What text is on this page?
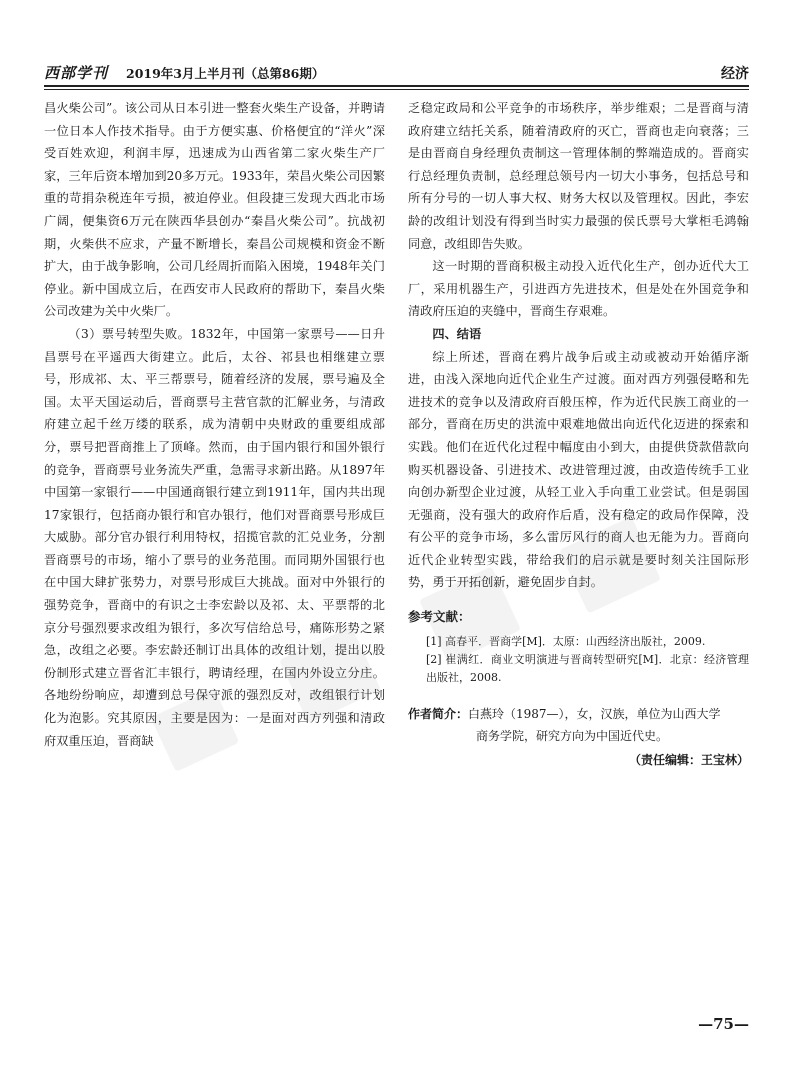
西部学刊 2019年3月上半月刊（总第86期）	经济

昌火柴公司”。该公司从日本引进一整套火柴生产设备，并聘请一位日本人作技术指导。由于方便实惠、价格便宜的“洋火”深受百姓欢迎，利润丰厚，迅速成为山西省第二家火柴生产厂家，三年后资本增加到20多万元。1933年，荣昌火柴公司因繁重的苛捐杂税连年亏损，被迫停业。但段捷三发现大西北市场广阔，便集资6万元在陕西华县创办“秦昌火柴公司”。抗战初期，火柴供不应求，产量不断增长，秦昌公司规模和资金不断扩大，由于战争影响，公司几经周折而陷入困境，1948年关门停业。新中国成立后，在西安市人民政府的帮助下，秦昌火柴公司改建为关中火柴厂。

（3）票号转型失败。1832年，中国第一家票号——日升昌票号在平遥西大街建立。此后，太谷、祁县也相继建立票号，形成祁、太、平三帮票号，随着经济的发展，票号遍及全国。太平天国运动后，晋商票号主营官款的汇解业务，与清政府建立起千丝万缕的联系，成为清朝中央财政的重要组成部分，票号把晋商推上了顶峰。然而，由于国内银行和国外银行的竞争，晋商票号业务流失严重，急需寻求新出路。从1897年中国第一家银行——中国通商银行建立到1911年，国内共出现17家银行，包括商办银行和官办银行，他们对晋商票号形成巨大威胁。部分官办银行利用特权，招揽官款的汇兑业务，分割晋商票号的市场，缩小了票号的业务范围。而同期外国银行也在中国大肆扩张势力，对票号形成巨大挑战。面对中外银行的强势竞争，晋商中的有识之士李宏龄以及祁、太、平票帮的北京分号强烈要求改组为银行，多次写信给总号，痛陈形势之紧急，改组之必要。李宏龄还制订出具体的改组计划，提出以股份制形式建立晋省汇丰银行，聘请经理，在国内外设立分庄。各地纷纷响应，却遭到总号保守派的强烈反对，改组银行计划化为泡影。究其原因，主要是因为：一是面对西方列强和清政府双重压迫，晋商缺

乏稳定政局和公平竞争的市场秩序，举步维艰；二是晋商与清政府建立结托关系，随着清政府的灭亡，晋商也走向衰落；三是由晋商自身经理负责制这一管理体制的弊端造成的。晋商实行总经理负责制，总经理总领号内一切大小事务，包括总号和所有分号的一切人事大权、财务大权以及管理权。因此，李宏龄的改组计划没有得到当时实力最强的侯氏票号大掌柜毛鸿翰同意，改组即告失败。

这一时期的晋商积极主动投入近代化生产，创办近代大工厂，采用机器生产，引进西方先进技术，但是处在外国竞争和清政府压迫的夹缝中，晋商生存艰难。

四、结语

综上所述，晋商在鸦片战争后或主动或被动开始循序渐进，由浅入深地向近代企业生产过渡。面对西方列强侵略和先进技术的竞争以及清政府百般压榨，作为近代民族工商业的一部分，晋商在历史的洪流中艰难地做出向近代化迈进的探索和实践。他们在近代化过程中幅度由小到大，由提供贷款借款向购买机器设备、引进技术、改进管理过渡，由改造传统手工业向创办新型企业过渡，从轻工业入手向重工业尝试。但是弱国无强商，没有强大的政府作后盾，没有稳定的政局作保障，没有公平的竞争市场，多么雷厉风行的商人也无能为力。晋商向近代企业转型实践，带给我们的启示就是要时刻关注国际形势，勇于开拓创新，避免固步自封。

参考文献：

[1] 高春平．晋商学[M]．太原：山西经济出版社，2009.

[2] 崔满红．商业文明演进与晋商转型研究[M]．北京：经济管理出版社，2008.

作者简介：白燕玲（1987—），女，汉族，单位为山西大学
商务学院，研究方向为中国近代史。
（责任编辑：王宝林）
—75—
